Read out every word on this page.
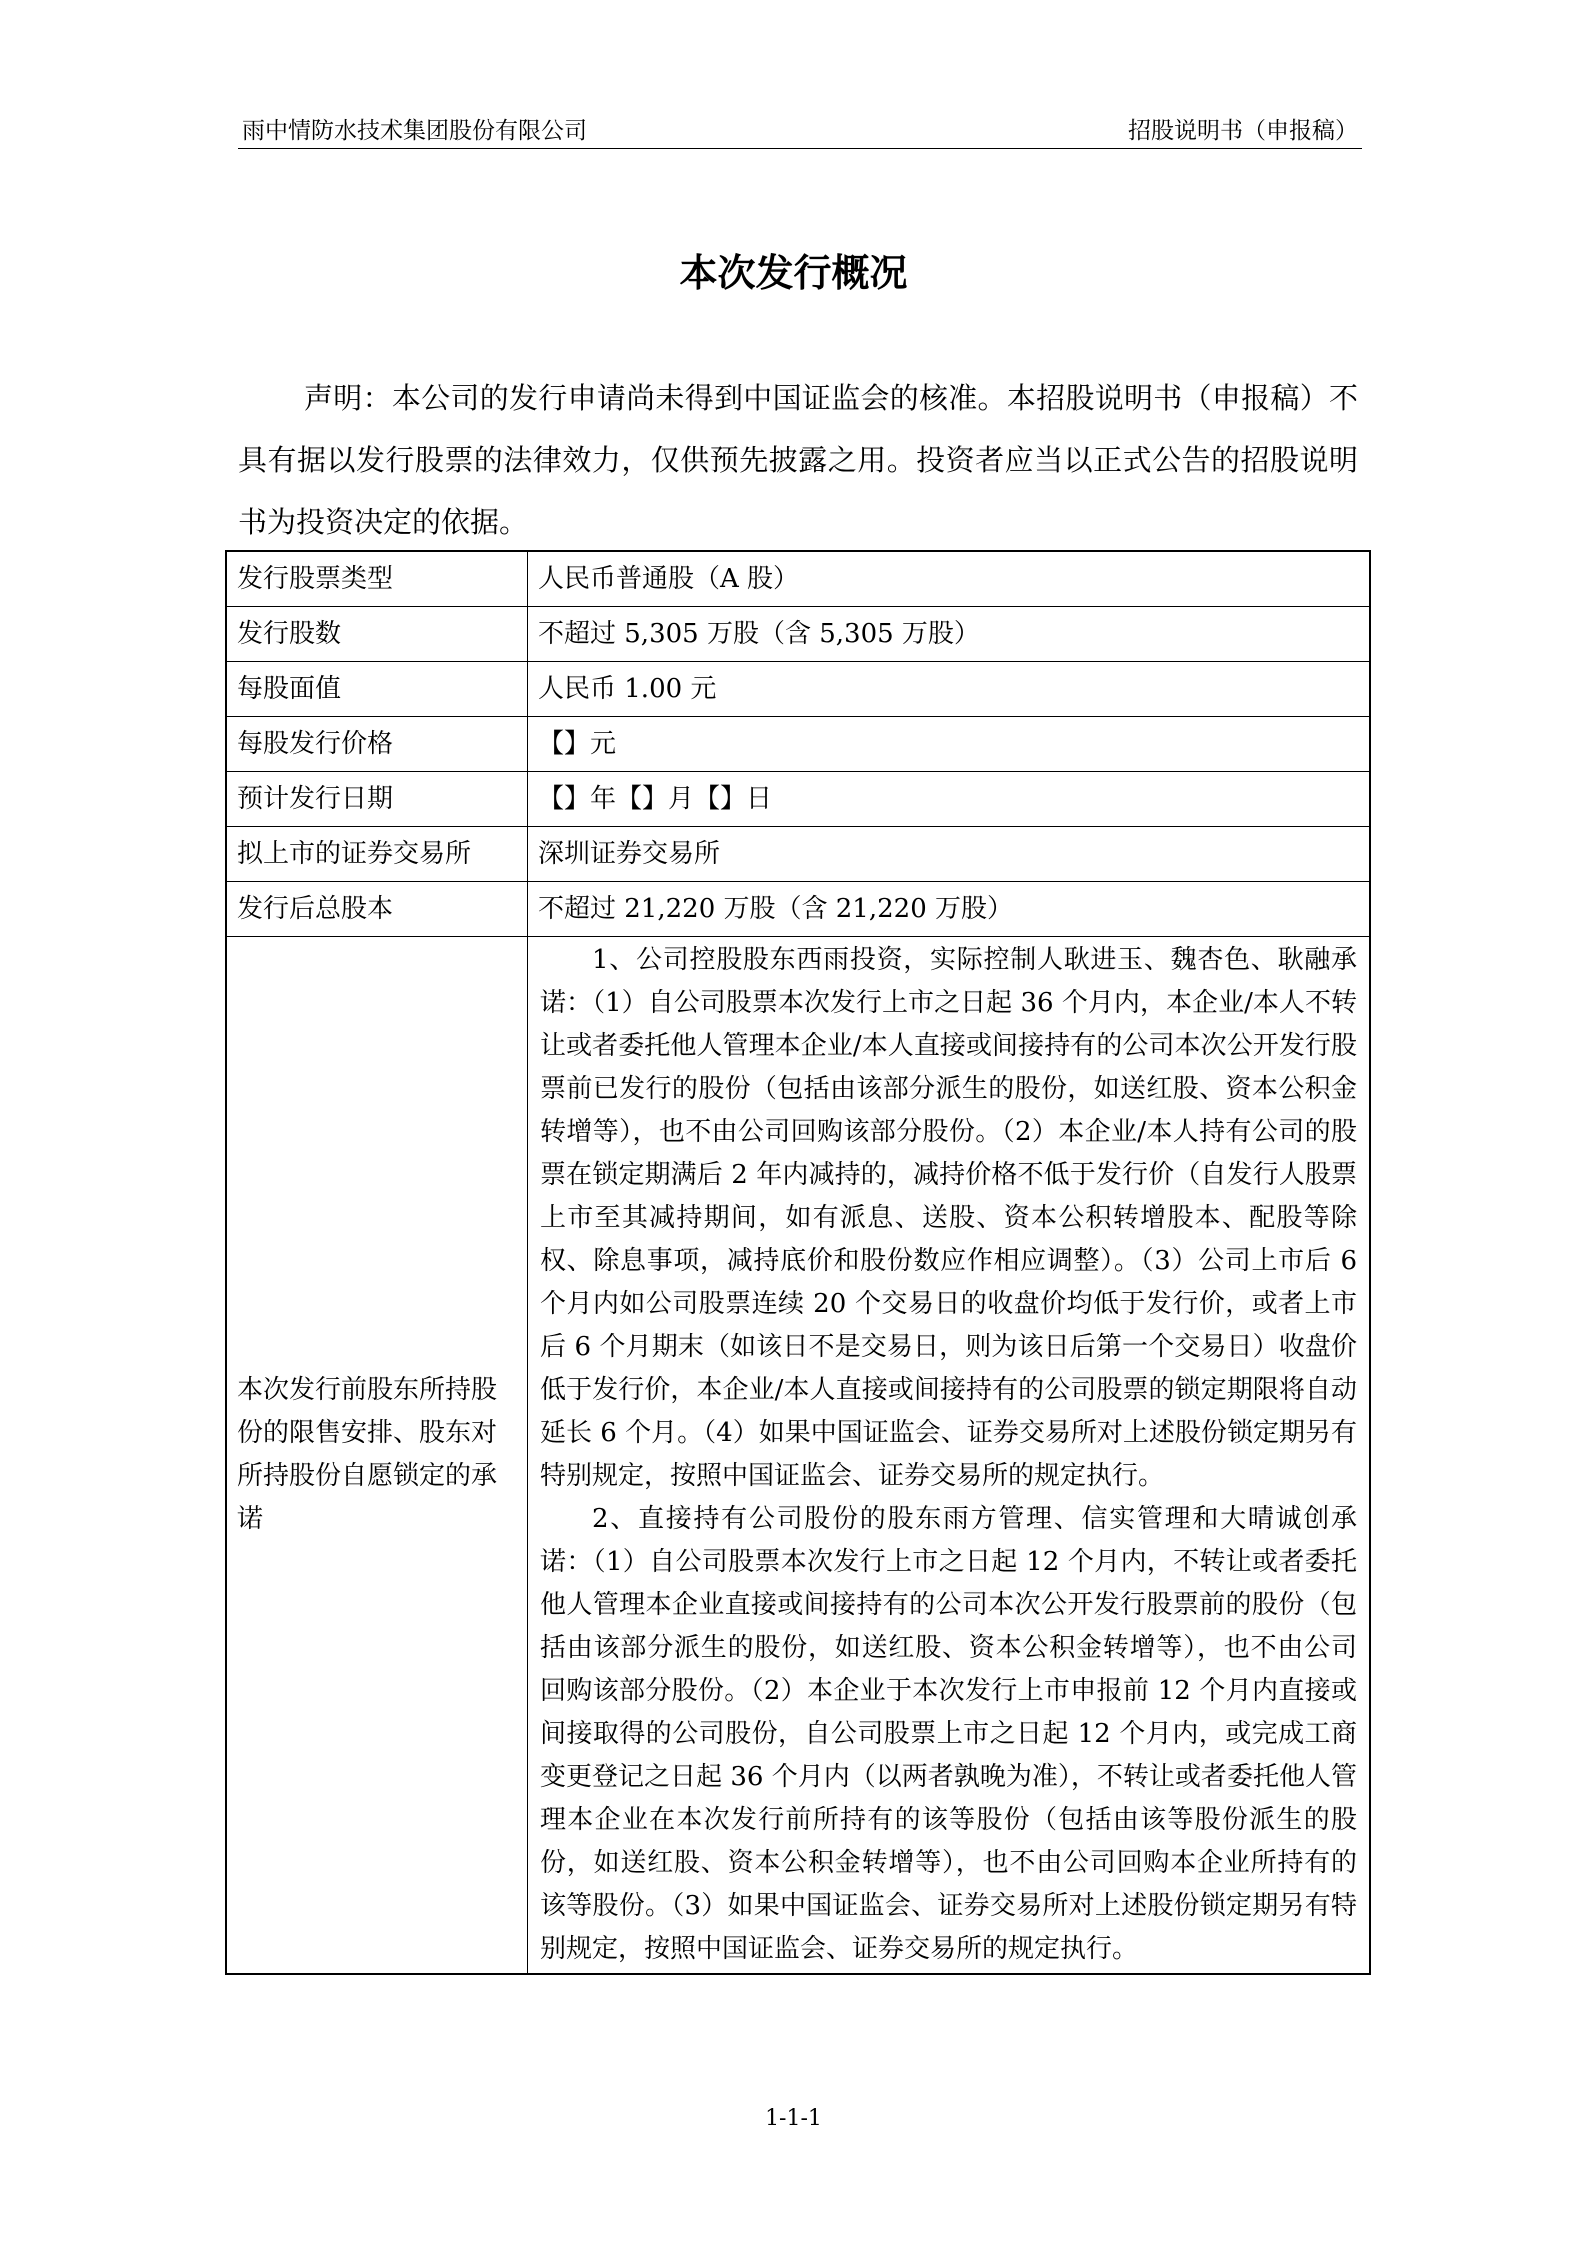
雨中情防水技术集团股份有限公司	招股说明书（申报稿）
本次发行概况

声明：本公司的发行申请尚未得到中国证监会的核准。本招股说明书（申报稿）不具有据以发行股票的法律效力，仅供预先披露之用。投资者应当以正式公告的招股说明书为投资决定的依据。

发行股票类型	人民币普通股（A 股）
发行股数	不超过 5,305 万股（含 5,305 万股）
每股面值	人民币 1.00 元
每股发行价格	【】元
预计发行日期	【】年【】月【】日
拟上市的证券交易所	深圳证券交易所
发行后总股本	不超过 21,220 万股（含 21,220 万股）
本次发行前股东所持股份的限售安排、股东对所持股份自愿锁定的承诺	1、公司控股股东西雨投资，实际控制人耿进玉、魏杏色、耿融承诺：（1）自公司股票本次发行上市之日起 36 个月内，本企业/本人不转让或者委托他人管理本企业/本人直接或间接持有的公司本次公开发行股票前已发行的股份（包括由该部分派生的股份，如送红股、资本公积金转增等），也不由公司回购该部分股份。（2）本企业/本人持有公司的股票在锁定期满后 2 年内减持的，减持价格不低于发行价（自发行人股票上市至其减持期间，如有派息、送股、资本公积转增股本、配股等除权、除息事项，减持底价和股份数应作相应调整）。（3）公司上市后 6 个月内如公司股票连续 20 个交易日的收盘价均低于发行价，或者上市后 6 个月期末（如该日不是交易日，则为该日后第一个交易日）收盘价低于发行价，本企业/本人直接或间接持有的公司股票的锁定期限将自动延长 6 个月。（4）如果中国证监会、证券交易所对上述股份锁定期另有特别规定，按照中国证监会、证券交易所的规定执行。

2、直接持有公司股份的股东雨方管理、信实管理和大晴诚创承诺：（1）自公司股票本次发行上市之日起 12 个月内，不转让或者委托他人管理本企业直接或间接持有的公司本次公开发行股票前的股份（包括由该部分派生的股份，如送红股、资本公积金转增等），也不由公司回购该部分股份。（2）本企业于本次发行上市申报前 12 个月内直接或间接取得的公司股份，自公司股票上市之日起 12 个月内，或完成工商变更登记之日起 36 个月内（以两者孰晚为准），不转让或者委托他人管理本企业在本次发行前所持有的该等股份（包括由该等股份派生的股份，如送红股、资本公积金转增等），也不由公司回购本企业所持有的该等股份。（3）如果中国证监会、证券交易所对上述股份锁定期另有特别规定，按照中国证监会、证券交易所的规定执行。

1-1-1
